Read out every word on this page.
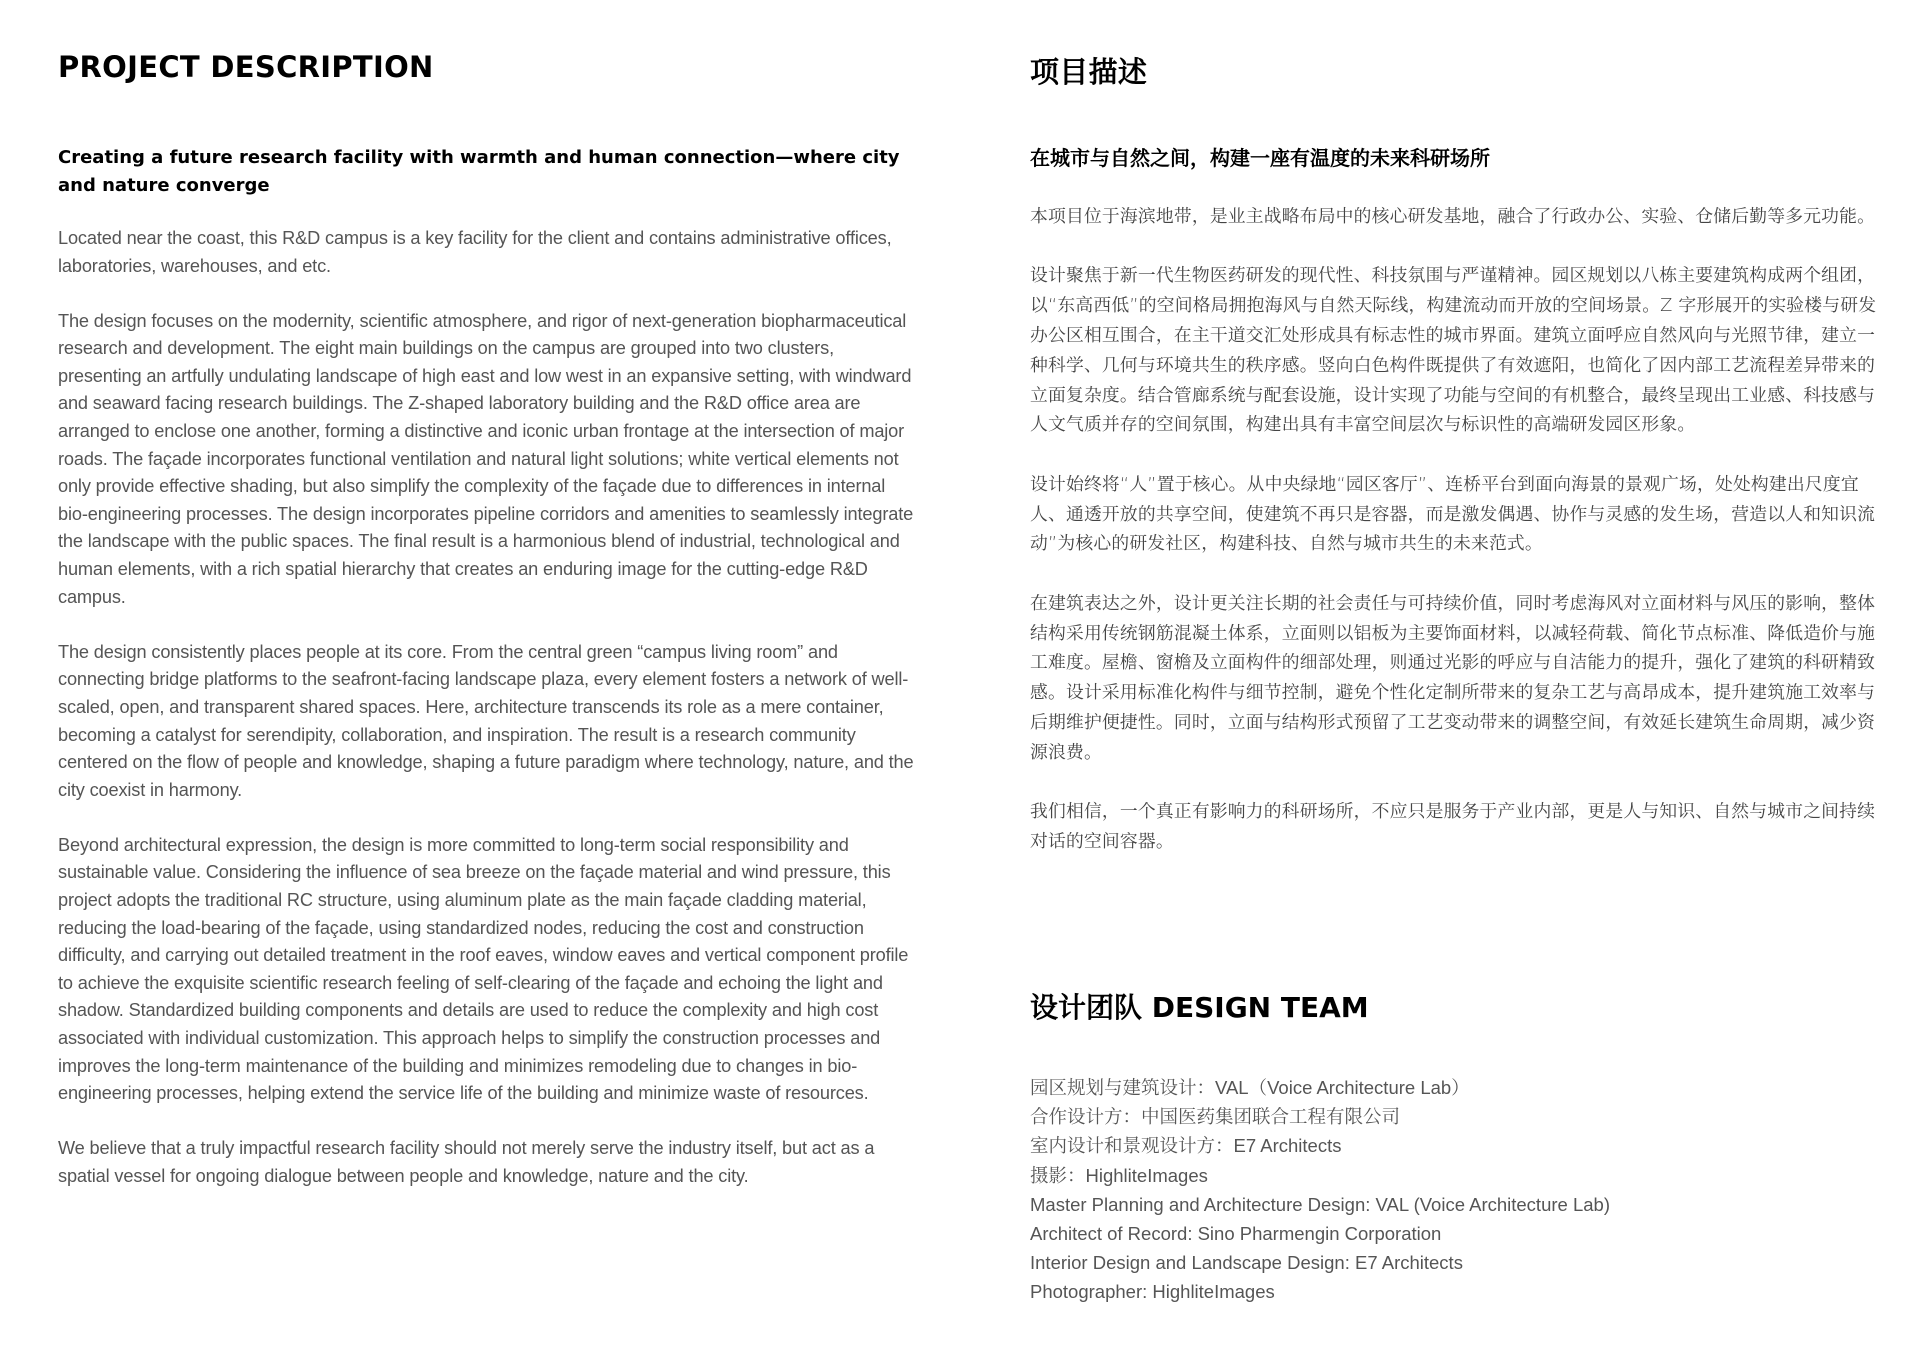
PROJECT DESCRIPTION

Creating a future research facility with warmth and human connection—where city and nature converge

Located near the coast, this R&D campus is a key facility for the client and contains administrative offices, laboratories, warehouses, and etc.

The design focuses on the modernity, scientific atmosphere, and rigor of next-generation biopharmaceutical research and development. The eight main buildings on the campus are grouped into two clusters, presenting an artfully undulating landscape of high east and low west in an expansive setting, with windward and seaward facing research buildings. The Z-shaped laboratory building and the R&D office area are arranged to enclose one another, forming a distinctive and iconic urban frontage at the intersection of major roads. The façade incorporates functional ventilation and natural light solutions; white vertical elements not only provide effective shading, but also simplify the complexity of the façade due to differences in internal bio-engineering processes. The design incorporates pipeline corridors and amenities to seamlessly integrate the landscape with the public spaces. The final result is a harmonious blend of industrial, technological and human elements, with a rich spatial hierarchy that creates an enduring image for the cutting-edge R&D campus.

The design consistently places people at its core. From the central green “campus living room” and connecting bridge platforms to the seafront-facing landscape plaza, every element fosters a network of well-scaled, open, and transparent shared spaces. Here, architecture transcends its role as a mere container, becoming a catalyst for serendipity, collaboration, and inspiration. The result is a research community centered on the flow of people and knowledge, shaping a future paradigm where technology, nature, and the city coexist in harmony.

Beyond architectural expression, the design is more committed to long-term social responsibility and sustainable value. Considering the influence of sea breeze on the façade material and wind pressure, this project adopts the traditional RC structure, using aluminum plate as the main façade cladding material, reducing the load-bearing of the façade, using standardized nodes, reducing the cost and construction difficulty, and carrying out detailed treatment in the roof eaves, window eaves and vertical component profile to achieve the exquisite scientific research feeling of self-clearing of the façade and echoing the light and shadow. Standardized building components and details are used to reduce the complexity and high cost associated with individual customization. This approach helps to simplify the construction processes and improves the long-term maintenance of the building and minimizes remodeling due to changes in bio-engineering processes, helping extend the service life of the building and minimize waste of resources.

We believe that a truly impactful research facility should not merely serve the industry itself, but act as a spatial vessel for ongoing dialogue between people and knowledge, nature and the city.

项目描述

在城市与自然之间，构建一座有温度的未来科研场所

本项目位于海滨地带，是业主战略布局中的核心研发基地，融合了行政办公、实验、仓储后勤等多元功能。

设计聚焦于新一代生物医药研发的现代性、科技氛围与严谨精神。园区规划以八栋主要建筑构成两个组团，以“东高西低”的空间格局拥抱海风与自然天际线，构建流动而开放的空间场景。Z 字形展开的实验楼与研发办公区相互围合，在主干道交汇处形成具有标志性的城市界面。建筑立面呼应自然风向与光照节律，建立一种科学、几何与环境共生的秩序感。竖向白色构件既提供了有效遮阳，也简化了因内部工艺流程差异带来的立面复杂度。结合管廊系统与配套设施，设计实现了功能与空间的有机整合，最终呈现出工业感、科技感与人文气质并存的空间氛围，构建出具有丰富空间层次与标识性的高端研发园区形象。

设计始终将“人”置于核心。从中央绿地“园区客厅”、连桥平台到面向海景的景观广场，处处构建出尺度宜人、通透开放的共享空间，使建筑不再只是容器，而是激发偶遇、协作与灵感的发生场，营造以人和知识流动”为核心的研发社区，构建科技、自然与城市共生的未来范式。

在建筑表达之外，设计更关注长期的社会责任与可持续价值，同时考虑海风对立面材料与风压的影响，整体结构采用传统钢筋混凝土体系，立面则以铝板为主要饰面材料，以减轻荷载、简化节点标准、降低造价与施工难度。屋檐、窗檐及立面构件的细部处理，则通过光影的呼应与自洁能力的提升，强化了建筑的科研精致感。设计采用标准化构件与细节控制，避免个性化定制所带来的复杂工艺与高昂成本，提升建筑施工效率与后期维护便捷性。同时，立面与结构形式预留了工艺变动带来的调整空间，有效延长建筑生命周期，减少资源浪费。

我们相信，一个真正有影响力的科研场所，不应只是服务于产业内部，更是人与知识、自然与城市之间持续对话的空间容器。

设计团队 DESIGN TEAM

园区规划与建筑设计：VAL（Voice Architecture Lab）

合作设计方：中国医药集团联合工程有限公司

室内设计和景观设计方：E7 Architects

摄影：HighliteImages

Master Planning and Architecture Design: VAL (Voice Architecture Lab)

Architect of Record: Sino Pharmengin Corporation

Interior Design and Landscape Design: E7 Architects

Photographer: HighliteImages
